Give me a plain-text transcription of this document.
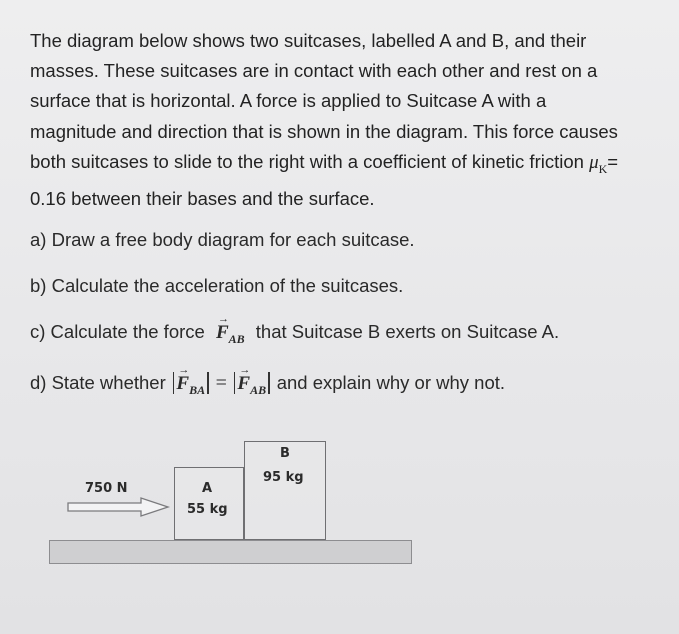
The diagram below shows two suitcases, labelled A and B, and their
masses. These suitcases are in contact with each other and rest on a
surface that is horizontal. A force is applied to Suitcase A with a
magnitude and direction that is shown in the diagram. This force causes
both suitcases to slide to the right with a coefficient of kinetic friction $\mu_K=$
0.16 between their bases and the surface.
a) Draw a free body diagram for each suitcase.
b) Calculate the acceleration of the suitcases.
c) Calculate the force
→
$F_{AB}$ that Suitcase B exerts on Suitcase A.
d) State whether
→
$F_{BA}$ =
→
$F_{AB}$ and explain why or why not.
750 N	A
55 kg
B
95 kg
